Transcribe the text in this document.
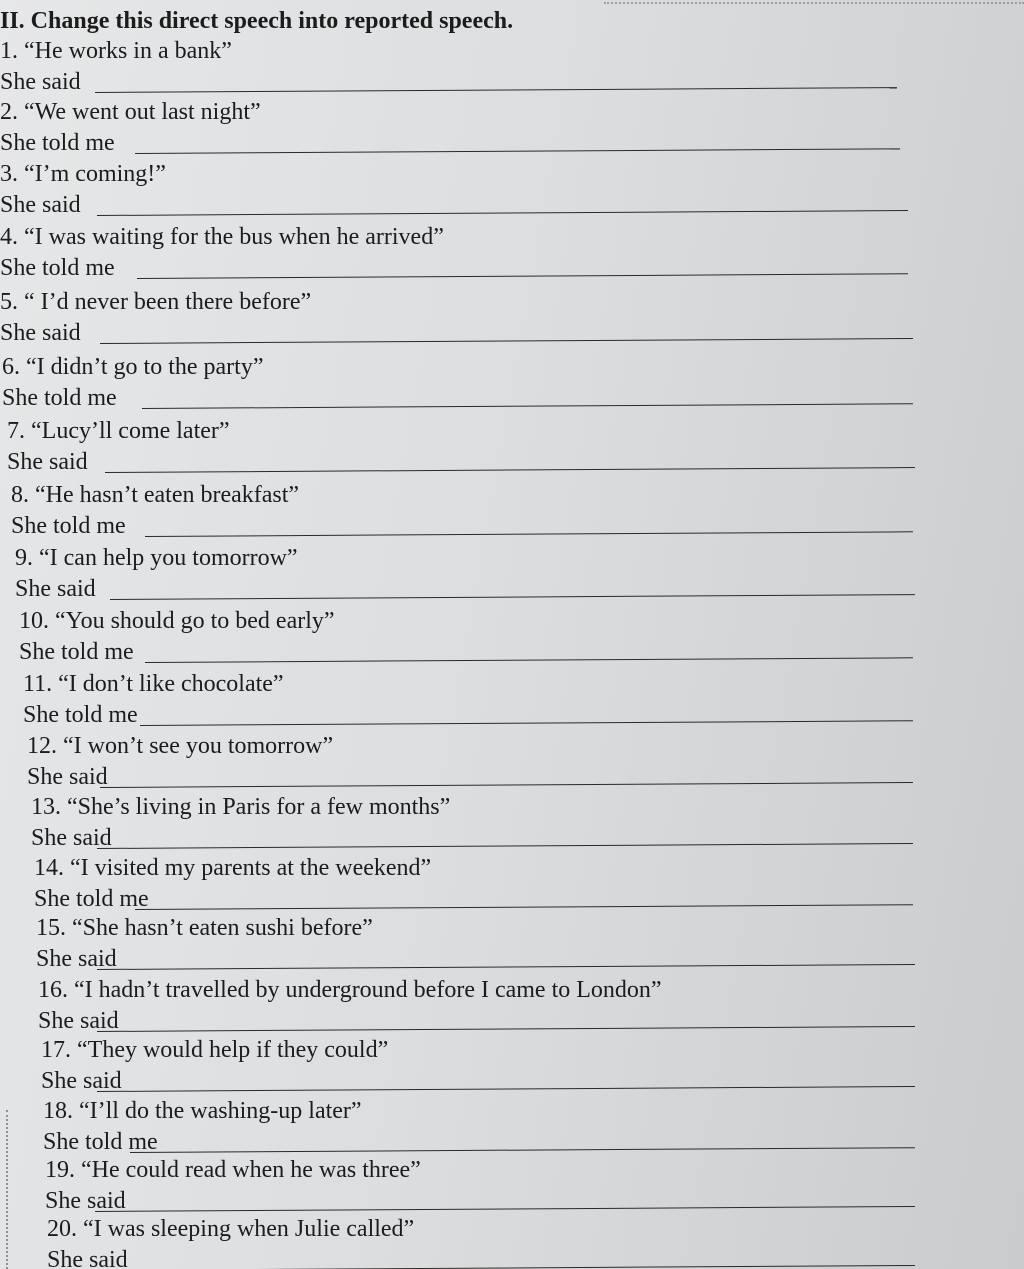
II. Change this direct speech into reported speech.
1. “He works in a bank”
She said
2. “We went out last night”
She told me
3. “I’m coming!”
She said
4. “I was waiting for the bus when he arrived”
She told me
5. “ I’d never been there before”
She said
6. “I didn’t go to the party”
She told me
7. “Lucy’ll come later”
She said
8. “He hasn’t eaten breakfast”
She told me
9. “I can help you tomorrow”
She said
10. “You should go to bed early”
She told me
11. “I don’t like chocolate”
She told me
12. “I won’t see you tomorrow”
She said
13. “She’s living in Paris for a few months”
She said
14. “I visited my parents at the weekend”
She told me
15. “She hasn’t eaten sushi before”
She said
16. “I hadn’t travelled by underground before I came to London”
She said
17. “They would help if they could”
She said
18. “I’ll do the washing-up later”
She told me
19. “He could read when he was three”
She said
20. “I was sleeping when Julie called”
She said
